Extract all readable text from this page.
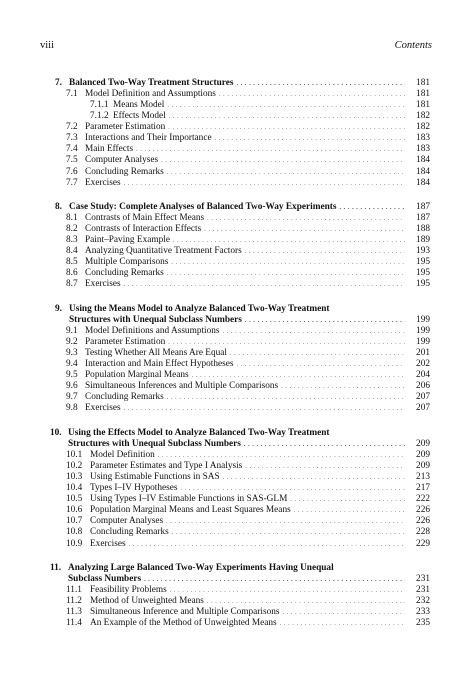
viii	Contents
7. Balanced Two-Way Treatment Structures . . .	181
7.1 Model Definition and Assumptions . . .	181
7.1.1 Means Model . . .	181
7.1.2 Effects Model . . .	182
7.2 Parameter Estimation . . .	182
7.3 Interactions and Their Importance . . .	183
7.4 Main Effects . . .	183
7.5 Computer Analyses . . .	184
7.6 Concluding Remarks . . .	184
7.7 Exercises . . .	184
8. Case Study: Complete Analyses of Balanced Two-Way Experiments . . .	187
8.1 Contrasts of Main Effect Means . . .	187
8.2 Contrasts of Interaction Effects . . .	188
8.3 Paint–Paving Example . . .	189
8.4 Analyzing Quantitative Treatment Factors . . .	193
8.5 Multiple Comparisons . . .	195
8.6 Concluding Remarks . . .	195
8.7 Exercises . . .	195
9. Using the Means Model to Analyze Balanced Two-Way Treatment
Structures with Unequal Subclass Numbers . . .	199
9.1 Model Definitions and Assumptions . . .	199
9.2 Parameter Estimation . . .	199
9.3 Testing Whether All Means Are Equal . . .	201
9.4 Interaction and Main Effect Hypotheses . . .	202
9.5 Population Marginal Means . . .	204
9.6 Simultaneous Inferences and Multiple Comparisons . . .	206
9.7 Concluding Remarks . . .	207
9.8 Exercises . . .	207
10. Using the Effects Model to Analyze Balanced Two-Way Treatment
Structures with Unequal Subclass Numbers . . .	209
10.1 Model Definition . . .	209
10.2 Parameter Estimates and Type I Analysis . . .	209
10.3 Using Estimable Functions in SAS . . .	213
10.4 Types I–IV Hypotheses . . .	217
10.5 Using Types I–IV Estimable Functions in SAS-GLM . . .	222
10.6 Population Marginal Means and Least Squares Means . . .	226
10.7 Computer Analyses . . .	226
10.8 Concluding Remarks . . .	228
10.9 Exercises . . .	229
11. Analyzing Large Balanced Two-Way Experiments Having Unequal
Subclass Numbers . . .	231
11.1 Feasibility Problems . . .	231
11.2 Method of Unweighted Means . . .	232
11.3 Simultaneous Inference and Multiple Comparisons . . .	233
11.4 An Example of the Method of Unweighted Means . . .	235
